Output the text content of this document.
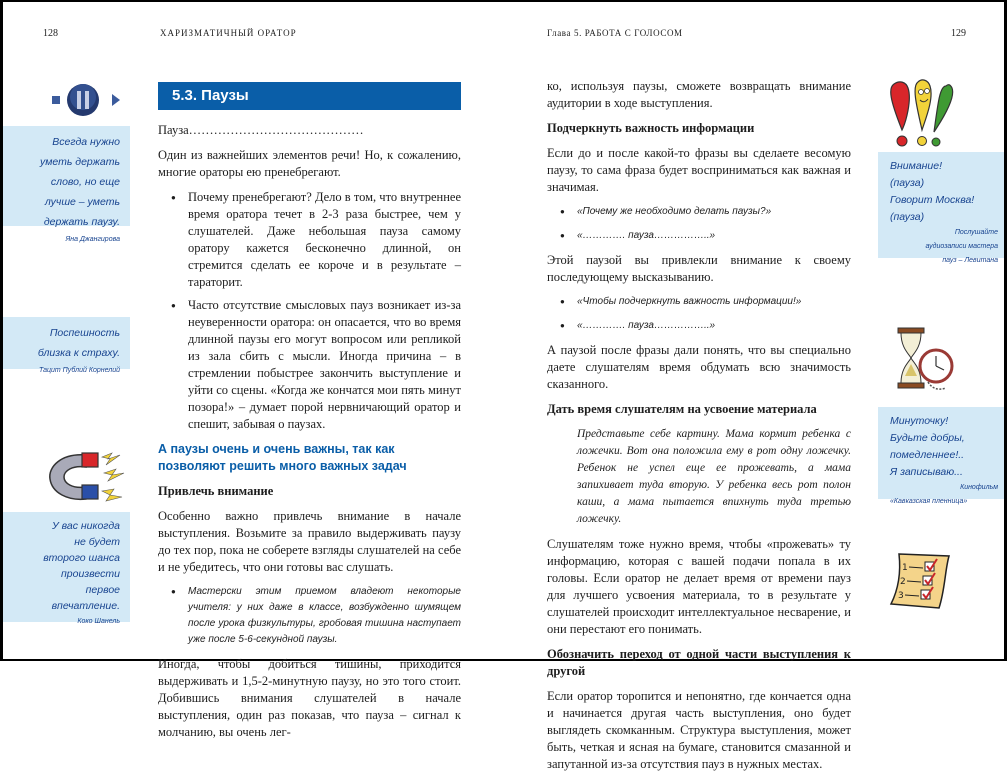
128	ХАРИЗМАТИЧНЫЙ ОРАТОР	Глава 5. РАБОТА С ГОЛОСОМ	129
Всегда нужно
уметь держать
слово, но еще
лучше – уметь
держать паузу.
Яна Джангирова
Поспешность
близка к страху.
Тацит Публий Корнелий
У вас никогда
не будет
второго шанса
произвести
первое
впечатление.
Коко Шанель
5.3. Паузы

Пауза……………………………………

Один из важнейших элементов речи! Но, к сожалению, многие ораторы ею пренебрегают.

● Почему пренебрегают? Дело в том, что внутреннее время оратора течет в 2-3 раза быстрее, чем у слушателей. Даже небольшая пауза самому оратору кажется бесконечно длинной, он стремится сделать ее короче и в результате – тараторит.
● Часто отсутствие смысловых пауз возникает из-за неуверенности оратора: он опасается, что во время длинной паузы его могут вопросом или репликой из зала сбить с мысли. Иногда причина – в стремлении побыстрее закончить выступление и уйти со сцены. «Когда же кончатся мои пять минут позора!» – думает порой нервничающий оратор и спешит, забывая о паузах.
А паузы очень и очень важны, так как позволяют решить много важных задач
Привлечь внимание

Особенно важно привлечь внимание в начале выступления. Возьмите за правило выдерживать паузу до тех пор, пока не соберете взгляды слушателей на себе и не убедитесь, что они готовы вас слушать.

● Мастерски этим приемом владеют некоторые учителя: у них даже в классе, возбужденно шумящем после урока физкультуры, гробовая тишина наступает уже после 5-6-секундной паузы.

Иногда, чтобы добиться тишины, приходится выдерживать и 1,5-2-минутную паузу, но это того стоит. Добившись внимания слушателей в начале выступления, один раз показав, что пауза – сигнал к молчанию, вы очень лег-

ко, используя паузы, сможете возвращать внимание аудитории в ходе выступления.

Подчеркнуть важность информации

Если до и после какой-то фразы вы сделаете весомую паузу, то сама фраза будет восприниматься как важная и значимая.

● «Почему же необходимо делать паузы?»
● «…………. пауза……………..»

Этой паузой вы привлекли внимание к своему последующему высказыванию.

● «Чтобы подчеркнуть важность информации!»
● «…………. пауза……………..»

А паузой после фразы дали понять, что вы специально даете слушателям время обдумать всю значимость сказанного.

Дать время слушателям на усвоение материала
Представьте себе картину. Мама кормит ребенка с ложечки. Вот она положила ему в рот одну ложечку. Ребенок не успел еще ее прожевать, а мама запихивает туда вторую. У ребенка весь рот полон каши, а мама пытается впихнуть туда третью ложечку.

Слушателям тоже нужно время, чтобы «прожевать» ту информацию, которая с вашей подачи попала в их головы. Если оратор не делает время от времени пауз для лучшего усвоения материала, то в результате у слушателей происходит интеллектуальное несварение, и они перестают его понимать.

Обозначить переход от одной части выступления к другой

Если оратор торопится и непонятно, где кончается одна и начинается другая часть выступления, оно будет выглядеть скомканным. Структура выступления, может быть, четкая и ясная на бумаге, становится смазанной и запутанной из-за отсутствия пауз в нужных местах.

Внимание!
(пауза)
Говорит Москва!
(пауза)
Послушайте
аудиозаписи мастера
пауз – Левитана
Минуточку!
Будьте добры,
помедленнее!..
Я записываю...
Кинофильм
«Кавказская пленница»
1
2
3
